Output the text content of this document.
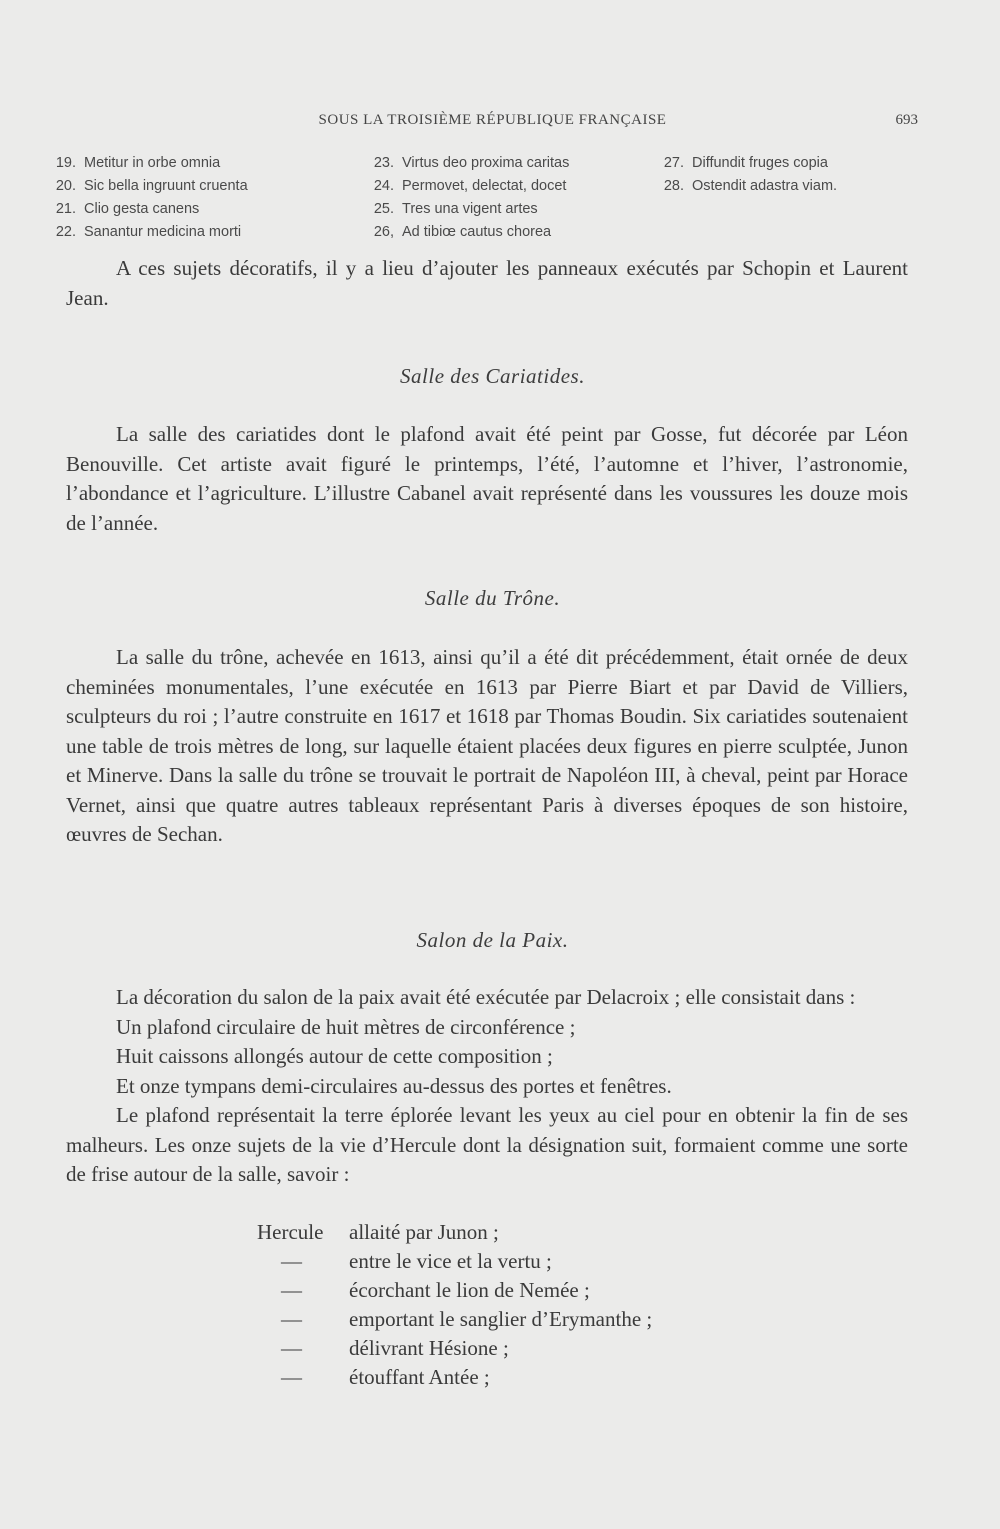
SOUS LA TROISIÈME RÉPUBLIQUE FRANÇAISE	693
19. Metitur in orbe omnia
20. Sic bella ingruunt cruenta
21. Clio gesta canens
22. Sanantur medicina morti
23. Virtus deo proxima caritas
24. Permovet, delectat, docet
25. Tres una vigent artes
26, Ad tibiœ cautus chorea
27. Diffundit fruges copia
28. Ostendit adastra viam.

A ces sujets décoratifs, il y a lieu d’ajouter les panneaux exécutés par Schopin et Laurent Jean.

Salle des Cariatides.

La salle des cariatides dont le plafond avait été peint par Gosse, fut décorée par Léon Benouville. Cet artiste avait figuré le printemps, l’été, l’automne et l’hiver, l’astronomie, l’abondance et l’agriculture. L’illustre Cabanel avait représenté dans les voussures les douze mois de l’année.

Salle du Trône.

La salle du trône, achevée en 1613, ainsi qu’il a été dit précédemment, était ornée de deux cheminées monumentales, l’une exécutée en 1613 par Pierre Biart et par David de Villiers, sculpteurs du roi ; l’autre construite en 1617 et 1618 par Thomas Boudin. Six cariatides soutenaient une table de trois mètres de long, sur laquelle étaient placées deux figures en pierre sculptée, Junon et Minerve. Dans la salle du trône se trouvait le portrait de Napoléon III, à cheval, peint par Horace Vernet, ainsi que quatre autres tableaux représentant Paris à diverses époques de son histoire, œuvres de Sechan.

Salon de la Paix.

La décoration du salon de la paix avait été exécutée par Delacroix ; elle consistait dans :

Un plafond circulaire de huit mètres de circonférence ;

Huit caissons allongés autour de cette composition ;

Et onze tympans demi-circulaires au-dessus des portes et fenêtres.

Le plafond représentait la terre éplorée levant les yeux au ciel pour en obtenir la fin de ses malheurs. Les onze sujets de la vie d’Hercule dont la désignation suit, formaient comme une sorte de frise autour de la salle, savoir :

Hercule	allaité par Junon ;
—	entre le vice et la vertu ;
—	écorchant le lion de Nemée ;
—	emportant le sanglier d’Erymanthe ;
—	délivrant Hésione ;
—	étouffant Antée ;
